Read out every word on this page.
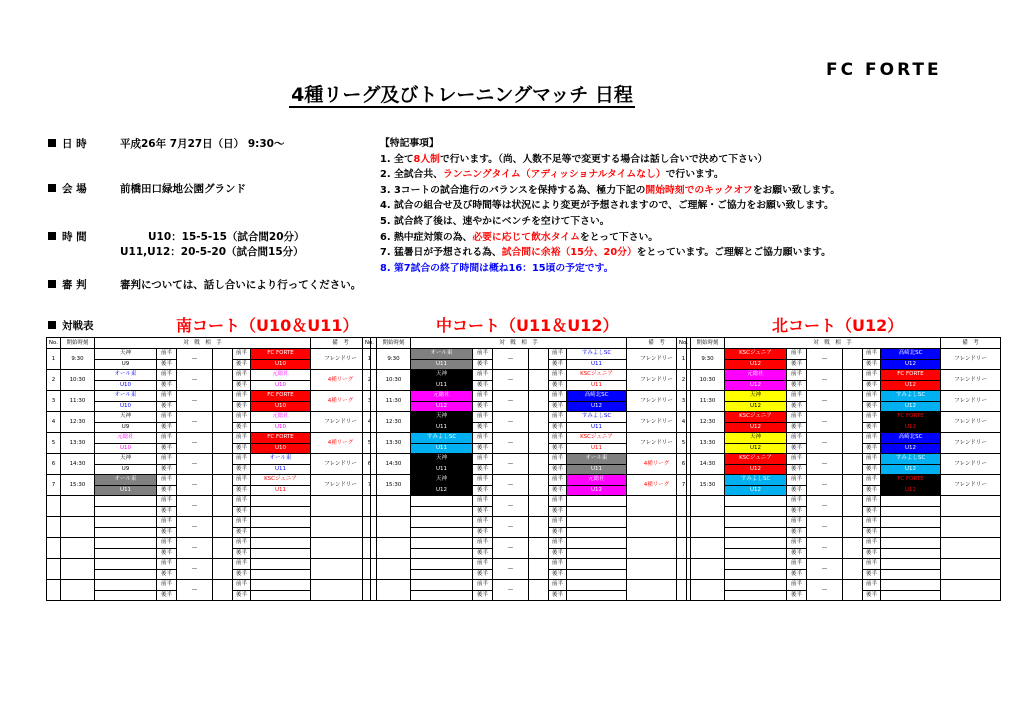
FC FORTE
4種リーグ及びトレーニングマッチ 日程
日 時	平成26年 7月27日（日） 9:30〜
会 場	前橋田口緑地公園グランド
時 間	U10：15-5-15（試合間20分）
U11,U12：20-5-20（試合間15分）
審 判	審判については、話し合いにより行ってください。
対戦表
【特記事項】
1. 全て8人制で行います。（尚、人数不足等で変更する場合は話し合いで決めて下さい）
2. 全試合共、ランニングタイム（アディッショナルタイムなし）で行います。
3. 3コートの試合進行のバランスを保持する為、極力下記の開始時刻でのキックオフをお願い致します。
4. 試合の組合せ及び時間等は状況により変更が予想されますので、ご理解・ご協力をお願い致します。
5. 試合終了後は、速やかにベンチを空けて下さい。
6. 熱中症対策の為、必要に応じて飲水タイムをとって下さい。
7. 猛暑日が予想される為、試合間に余裕（15分、20分）をとっています。ご理解とご協力願います。
8. 第7試合の終了時間は概ね16：15頃の予定です。
南コート（U10＆U11）	中コート（U11＆U12）	北コート（U12）
No.	開始時刻	対　戦　相　手						備　考
1	9:30	天神	前半	—		前半	FC FORTE	フレンドリー
		U9	後半			後半	U10	
2	10:30	オール東	前半	—		前半	元総社	4種リーグ
		U10	後半			後半	U10	
3	11:30	オール東	前半	—		前半	FC FORTE	4種リーグ
		U10	後半			後半	U10	
4	12:30	天神	前半	—		前半	元総社	フレンドリー
		U9	後半			後半	U10	
5	13:30	元総社	前半	—		前半	FC FORTE	4種リーグ
		U10	後半			後半	U10	
6	14:30	天神	前半	—		前半	オール東	フレンドリー
		U9	後半			後半	U11	
7	15:30	オール東	前半	—		前半	KSCジュニア	フレンドリー
		U11	後半			後半	U11	
			前半	—		前半		
			後半			後半		
			前半	—		前半		
			後半			後半		
			前半	—		前半		
			後半			後半		
			前半	—		前半		
			後半			後半		
			前半	—		前半		
			後半			後半		
No.	開始時刻	対　戦　相　手						備　考
1	9:30	オール東	前半	—		前半	すみよしSC	フレンドリー
		U11	後半			後半	U11	
2	10:30	天神	前半	—		前半	KSCジュニア	フレンドリー
		U11	後半			後半	U11	
3	11:30	元総社	前半	—		前半	高崎北SC	フレンドリー
		U12	後半			後半	U12	
4	12:30	天神	前半	—		前半	すみよしSC	フレンドリー
		U11	後半			後半	U11	
5	13:30	すみよしSC	前半	—		前半	KSCジュニア	フレンドリー
		U11	後半			後半	U11	
6	14:30	天神	前半	—		前半	オール東	4種リーグ
		U11	後半			後半	U11	
7	15:30	天神	前半	—		前半	元総社	4種リーグ
		U12	後半			後半	U12	
			前半	—		前半		
			後半			後半		
			前半	—		前半		
			後半			後半		
			前半	—		前半		
			後半			後半		
			前半	—		前半		
			後半			後半		
			前半	—		前半		
			後半			後半		
No.	開始時刻	対　戦　相　手						備　考
1	9:30	KSCジュニア	前半	—		前半	高崎北SC	フレンドリー
		U12	後半			後半	U12	
2	10:30	元総社	前半	—		前半	FC FORTE	フレンドリー
		U12	後半			後半	U12	
3	11:30	天神	前半	—		前半	すみよしSC	フレンドリー
		U12	後半			後半	U12	
4	12:30	KSCジュニア	前半	—		前半	FC FORTE	フレンドリー
		U12	後半			後半	U12	
5	13:30	天神	前半	—		前半	高崎北SC	フレンドリー
		U12	後半			後半	U12	
6	14:30	KSCジュニア	前半	—		前半	すみよしSC	フレンドリー
		U12	後半			後半	U12	
7	15:30	すみよしSC	前半	—		前半	FC FORTE	フレンドリー
		U12	後半			後半	U12	
			前半	—		前半		
			後半			後半		
			前半	—		前半		
			後半			後半		
			前半	—		前半		
			後半			後半		
			前半	—		前半		
			後半			後半		
			前半	—		前半		
			後半			後半		
